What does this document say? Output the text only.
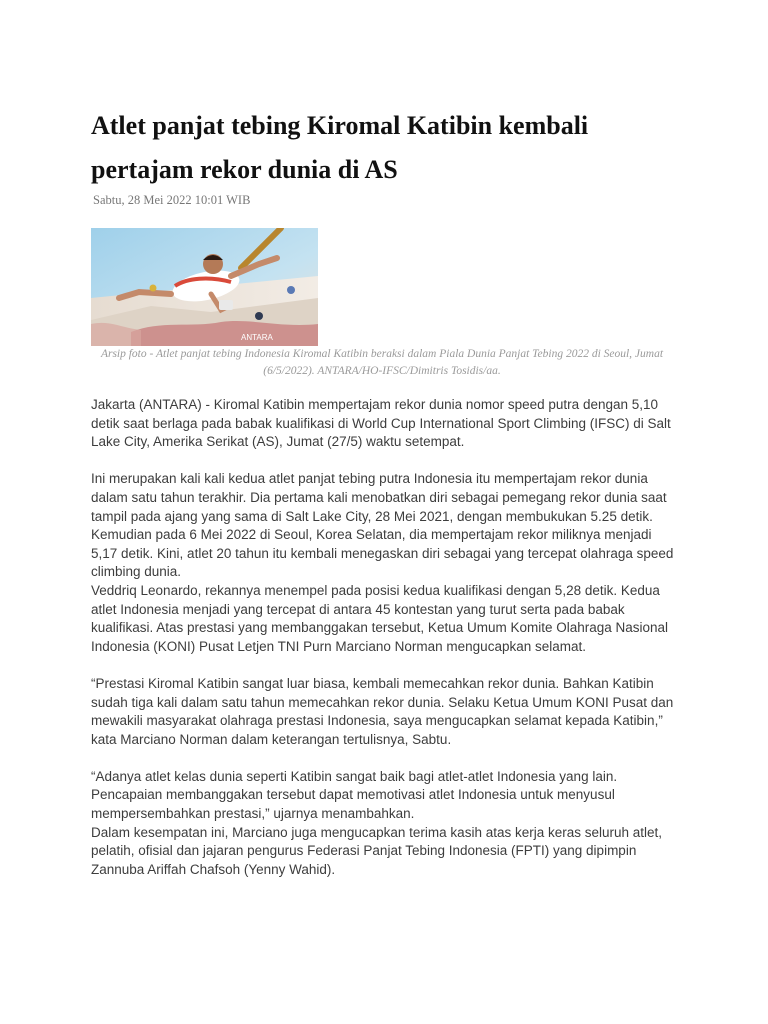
Atlet panjat tebing Kiromal Katibin kembali pertajam rekor dunia di AS
Sabtu, 28 Mei 2022 10:01 WIB
ANTARA
Arsip foto - Atlet panjat tebing Indonesia Kiromal Katibin beraksi dalam Piala Dunia Panjat Tebing 2022 di Seoul, Jumat (6/5/2022). ANTARA/HO-IFSC/Dimitris Tosidis/aa.

Jakarta (ANTARA) - Kiromal Katibin mempertajam rekor dunia nomor speed putra dengan 5,10 detik saat berlaga pada babak kualifikasi di World Cup International Sport Climbing (IFSC) di Salt Lake City, Amerika Serikat (AS), Jumat (27/5) waktu setempat.

Ini merupakan kali kali kedua atlet panjat tebing putra Indonesia itu mempertajam rekor dunia dalam satu tahun terakhir. Dia pertama kali menobatkan diri sebagai pemegang rekor dunia saat tampil pada ajang yang sama di Salt Lake City, 28 Mei 2021, dengan membukukan 5.25 detik.

Kemudian pada 6 Mei 2022 di Seoul, Korea Selatan, dia mempertajam rekor miliknya menjadi 5,17 detik. Kini, atlet 20 tahun itu kembali menegaskan diri sebagai yang tercepat olahraga speed climbing dunia.

Veddriq Leonardo, rekannya menempel pada posisi kedua kualifikasi dengan 5,28 detik. Kedua atlet Indonesia menjadi yang tercepat di antara 45 kontestan yang turut serta pada babak kualifikasi. Atas prestasi yang membanggakan tersebut, Ketua Umum Komite Olahraga Nasional Indonesia (KONI) Pusat Letjen TNI Purn Marciano Norman mengucapkan selamat.

“Prestasi Kiromal Katibin sangat luar biasa, kembali memecahkan rekor dunia. Bahkan Katibin sudah tiga kali dalam satu tahun memecahkan rekor dunia. Selaku Ketua Umum KONI Pusat dan mewakili masyarakat olahraga prestasi Indonesia, saya mengucapkan selamat kepada Katibin,” kata Marciano Norman dalam keterangan tertulisnya, Sabtu.

“Adanya atlet kelas dunia seperti Katibin sangat baik bagi atlet-atlet Indonesia yang lain. Pencapaian membanggakan tersebut dapat memotivasi atlet Indonesia untuk menyusul mempersembahkan prestasi,” ujarnya menambahkan.

Dalam kesempatan ini, Marciano juga mengucapkan terima kasih atas kerja keras seluruh atlet, pelatih, ofisial dan jajaran pengurus Federasi Panjat Tebing Indonesia (FPTI) yang dipimpin Zannuba Ariffah Chafsoh (Yenny Wahid).
